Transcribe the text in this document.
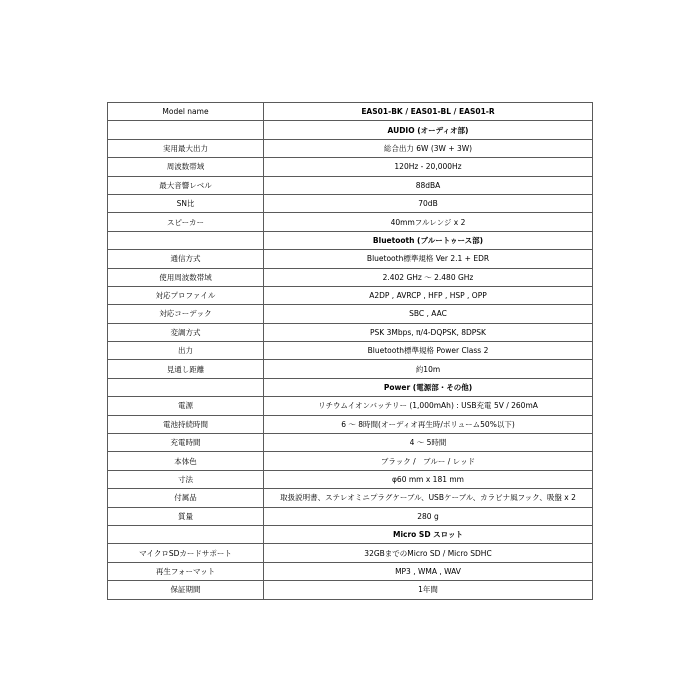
Model name	EAS01-BK / EAS01-BL / EAS01-R
	AUDIO (オーディオ部)
実用最大出力	総合出力 6W (3W + 3W)
周波数帯域	120Hz - 20,000Hz
最大音響レベル	88dBA
SN比	70dB
スピーカー	40mmフルレンジ x 2
	Bluetooth (ブルートゥース部)
通信方式	Bluetooth標準規格 Ver 2.1 + EDR
使用周波数帯域	2.402 GHz ～ 2.480 GHz
対応プロファイル	A2DP , AVRCP , HFP , HSP , OPP
対応コーデック	SBC , AAC
変調方式	PSK 3Mbps, π/4-DQPSK, 8DPSK
出力	Bluetooth標準規格 Power Class 2
見通し距離	約10m
	Power (電源部・その他)
電源	リチウムイオンバッテリー (1,000mAh) : USB充電 5V / 260mA
電池持続時間	6 ～ 8時間(オーディオ再生時/ボリューム50%以下)
充電時間	4 ～ 5時間
本体色	ブラック /　ブルー / レッド
寸法	φ60 mm x 181 mm
付属品	取扱説明書、ステレオミニプラグケーブル、USBケーブル、カラビナ風フック、吸盤 x 2
質量	280 g
	Micro SD スロット
マイクロSDカードサポート	32GBまでのMicro SD / Micro SDHC
再生フォーマット	MP3 , WMA , WAV
保証期間	1年間
